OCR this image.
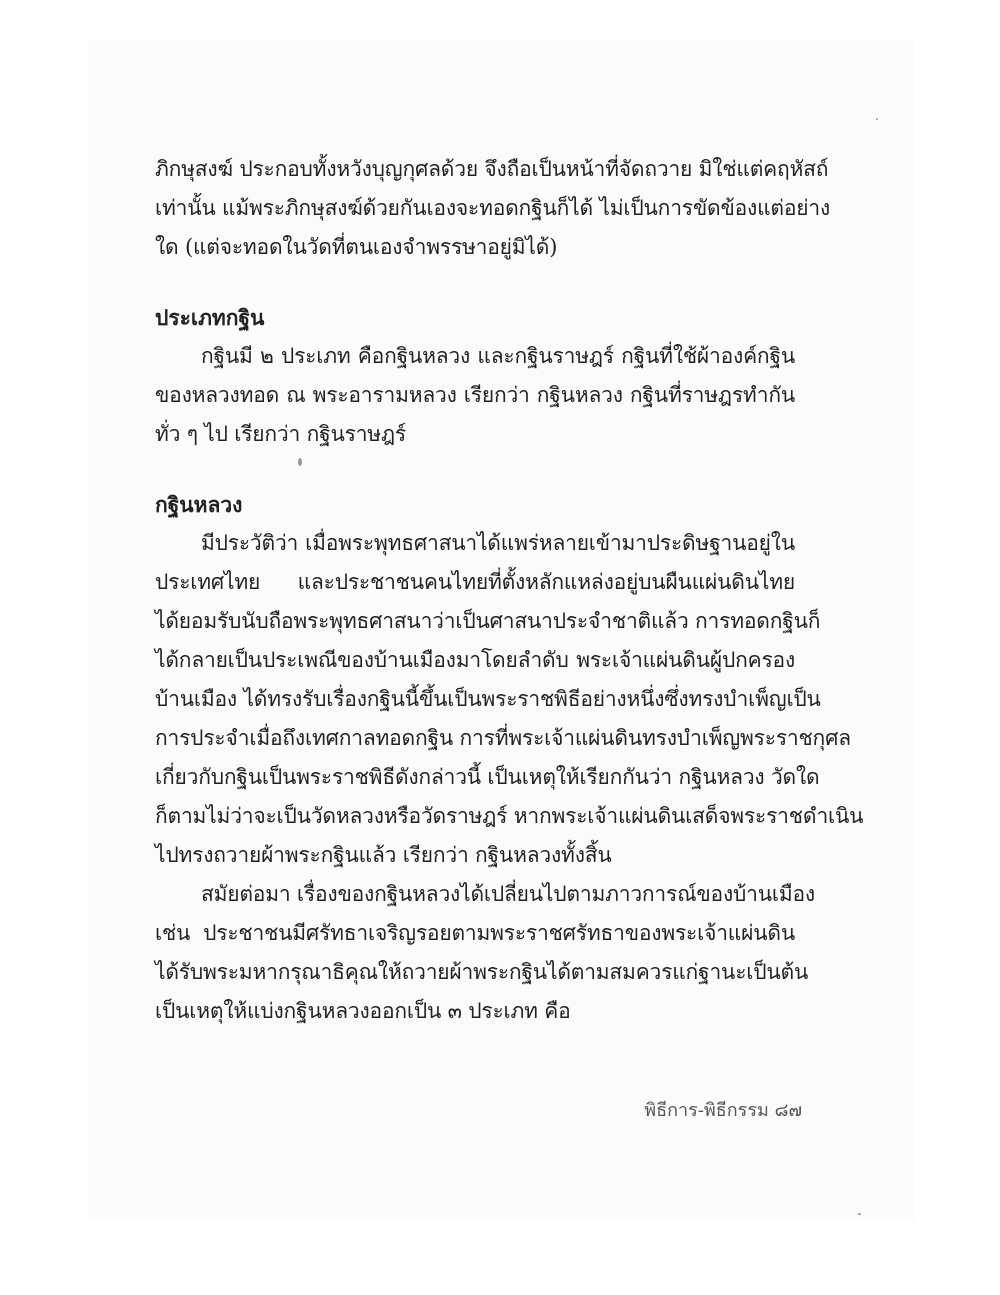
ภิกษุสงฆ์ ประกอบทั้งหวังบุญกุศลด้วย จึงถือเป็นหน้าที่จัดถวาย มิใช่แต่คฤหัสถ์
เท่านั้น แม้พระภิกษุสงฆ์ด้วยกันเองจะทอดกฐินก็ได้ ไม่เป็นการขัดข้องแต่อย่าง
ใด (แต่จะทอดในวัดที่ตนเองจำพรรษาอยู่มิได้)
ประเภทกฐิน
กฐินมี ๒ ประเภท คือกฐินหลวง และกฐินราษฎร์ กฐินที่ใช้ผ้าองค์กฐิน
ของหลวงทอด ณ พระอารามหลวง เรียกว่า กฐินหลวง กฐินที่ราษฎรทำกัน
ทั่ว ๆ ไป เรียกว่า กฐินราษฎร์
กฐินหลวง
มีประวัติว่า เมื่อพระพุทธศาสนาได้แพร่หลายเข้ามาประดิษฐานอยู่ใน
ประเทศไทย และประชาชนคนไทยที่ตั้งหลักแหล่งอยู่บนผืนแผ่นดินไทย
ได้ยอมรับนับถือพระพุทธศาสนาว่าเป็นศาสนาประจำชาติแล้ว การทอดกฐินก็
ได้กลายเป็นประเพณีของบ้านเมืองมาโดยลำดับ พระเจ้าแผ่นดินผู้ปกครอง
บ้านเมือง ได้ทรงรับเรื่องกฐินนี้ขึ้นเป็นพระราชพิธีอย่างหนึ่งซึ่งทรงบำเพ็ญเป็น
การประจำเมื่อถึงเทศกาลทอดกฐิน การที่พระเจ้าแผ่นดินทรงบำเพ็ญพระราชกุศล
เกี่ยวกับกฐินเป็นพระราชพิธีดังกล่าวนี้ เป็นเหตุให้เรียกกันว่า กฐินหลวง วัดใด
ก็ตามไม่ว่าจะเป็นวัดหลวงหรือวัดราษฎร์ หากพระเจ้าแผ่นดินเสด็จพระราชดำเนิน
ไปทรงถวายผ้าพระกฐินแล้ว เรียกว่า กฐินหลวงทั้งสิ้น
สมัยต่อมา เรื่องของกฐินหลวงได้เปลี่ยนไปตามภาวการณ์ของบ้านเมือง
เช่น ประชาชนมีศรัทธาเจริญรอยตามพระราชศรัทธาของพระเจ้าแผ่นดิน
ได้รับพระมหากรุณาธิคุณให้ถวายผ้าพระกฐินได้ตามสมควรแก่ฐานะเป็นต้น
เป็นเหตุให้แบ่งกฐินหลวงออกเป็น ๓ ประเภท คือ
พิธีการ-พิธีกรรม ๘๗
